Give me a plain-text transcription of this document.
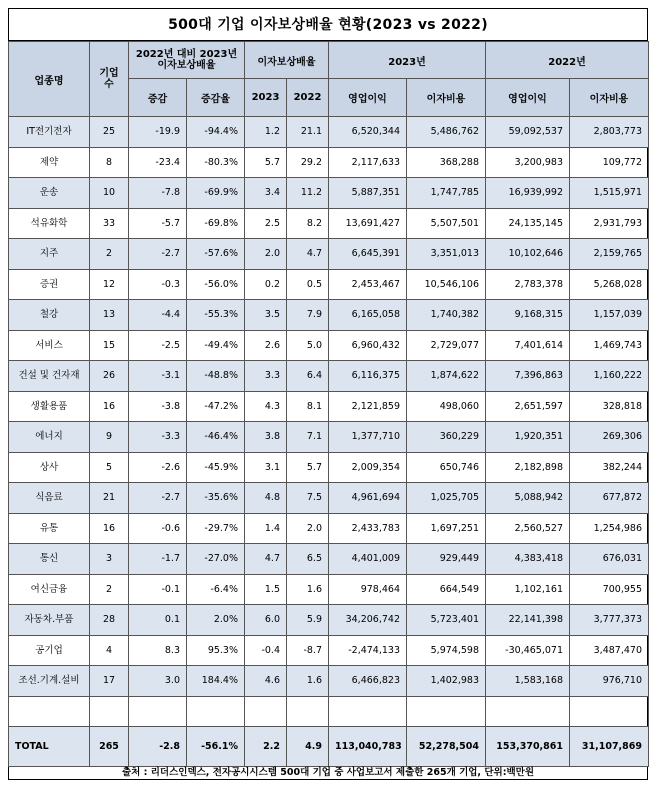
500대 기업 이자보상배율 현황(2023 vs 2022)
업종명	기업 수	2022년 대비 2023년 이자보상배율		이자보상배율		2023년		2022년	
		증감	증감율	2023	2022	영업이익	이자비용	영업이익	이자비용
IT전기전자	25	-19.9	-94.4%	1.2	21.1	6,520,344	5,486,762	59,092,537	2,803,773
제약	8	-23.4	-80.3%	5.7	29.2	2,117,633	368,288	3,200,983	109,772
운송	10	-7.8	-69.9%	3.4	11.2	5,887,351	1,747,785	16,939,992	1,515,971
석유화학	33	-5.7	-69.8%	2.5	8.2	13,691,427	5,507,501	24,135,145	2,931,793
지주	2	-2.7	-57.6%	2.0	4.7	6,645,391	3,351,013	10,102,646	2,159,765
증권	12	-0.3	-56.0%	0.2	0.5	2,453,467	10,546,106	2,783,378	5,268,028
철강	13	-4.4	-55.3%	3.5	7.9	6,165,058	1,740,382	9,168,315	1,157,039
서비스	15	-2.5	-49.4%	2.6	5.0	6,960,432	2,729,077	7,401,614	1,469,743
건설 및 건자재	26	-3.1	-48.8%	3.3	6.4	6,116,375	1,874,622	7,396,863	1,160,222
생활용품	16	-3.8	-47.2%	4.3	8.1	2,121,859	498,060	2,651,597	328,818
에너지	9	-3.3	-46.4%	3.8	7.1	1,377,710	360,229	1,920,351	269,306
상사	5	-2.6	-45.9%	3.1	5.7	2,009,354	650,746	2,182,898	382,244
식음료	21	-2.7	-35.6%	4.8	7.5	4,961,694	1,025,705	5,088,942	677,872
유통	16	-0.6	-29.7%	1.4	2.0	2,433,783	1,697,251	2,560,527	1,254,986
통신	3	-1.7	-27.0%	4.7	6.5	4,401,009	929,449	4,383,418	676,031
여신금융	2	-0.1	-6.4%	1.5	1.6	978,464	664,549	1,102,161	700,955
자동차.부품	28	0.1	2.0%	6.0	5.9	34,206,742	5,723,401	22,141,398	3,777,373
공기업	4	8.3	95.3%	-0.4	-8.7	-2,474,133	5,974,598	-30,465,071	3,487,470
조선.기계.설비	17	3.0	184.4%	4.6	1.6	6,466,823	1,402,983	1,583,168	976,710

TOTAL	265	-2.8	-56.1%	2.2	4.9	113,040,783	52,278,504	153,370,861	31,107,869
출처 : 리더스인덱스, 전자공시시스템 500대 기업 중 사업보고서 제출한 265개 기업, 단위:백만원
